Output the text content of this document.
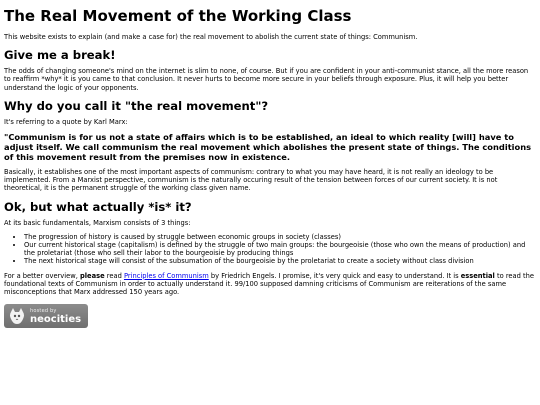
The Real Movement of the Working Class

This website exists to explain (and make a case for) the real movement to abolish the current state of things: Communism.

Give me a break!

The odds of changing someone's mind on the internet is slim to none, of course. But if you are confident in your anti-communist stance, all the more reason to reaffirm *why* it is you came to that conclusion. It never hurts to become more secure in your beliefs through exposure. Plus, it will help you better understand the logic of your opponents.

Why do you call it "the real movement"?

It's referring to a quote by Karl Marx:

"Communism is for us not a state of affairs which is to be established, an ideal to which reality [will] have to adjust itself. We call communism the real movement which abolishes the present state of things. The conditions of this movement result from the premises now in existence.

Basically, it establishes one of the most important aspects of communism: contrary to what you may have heard, it is not really an ideology to be implemented. From a Marxist perspective, communism is the naturally occuring result of the tension between forces of our current society. It is not theoretical, it is the permanent struggle of the working class given name.

Ok, but what actually *is* it?

At its basic fundamentals, Marxism consists of 3 things:

• The progression of history is caused by struggle between economic groups in society (classes)
• Our current historical stage (capitalism) is defined by the struggle of two main groups: the bourgeoisie (those who own the means of production) and the proletariat (those who sell their labor to the bourgeoisie by producing things
• The next historical stage will consist of the subsumation of the bourgeoisie by the proletariat to create a society without class division

For a better overview, please read Principles of Communism by Friedrich Engels. I promise, it's very quick and easy to understand. It is essential to read the foundational texts of Communism in order to actually understand it. 99/100 supposed damning criticisms of Communism are reiterations of the same misconceptions that Marx addressed 150 years ago.

hosted by
neocities
